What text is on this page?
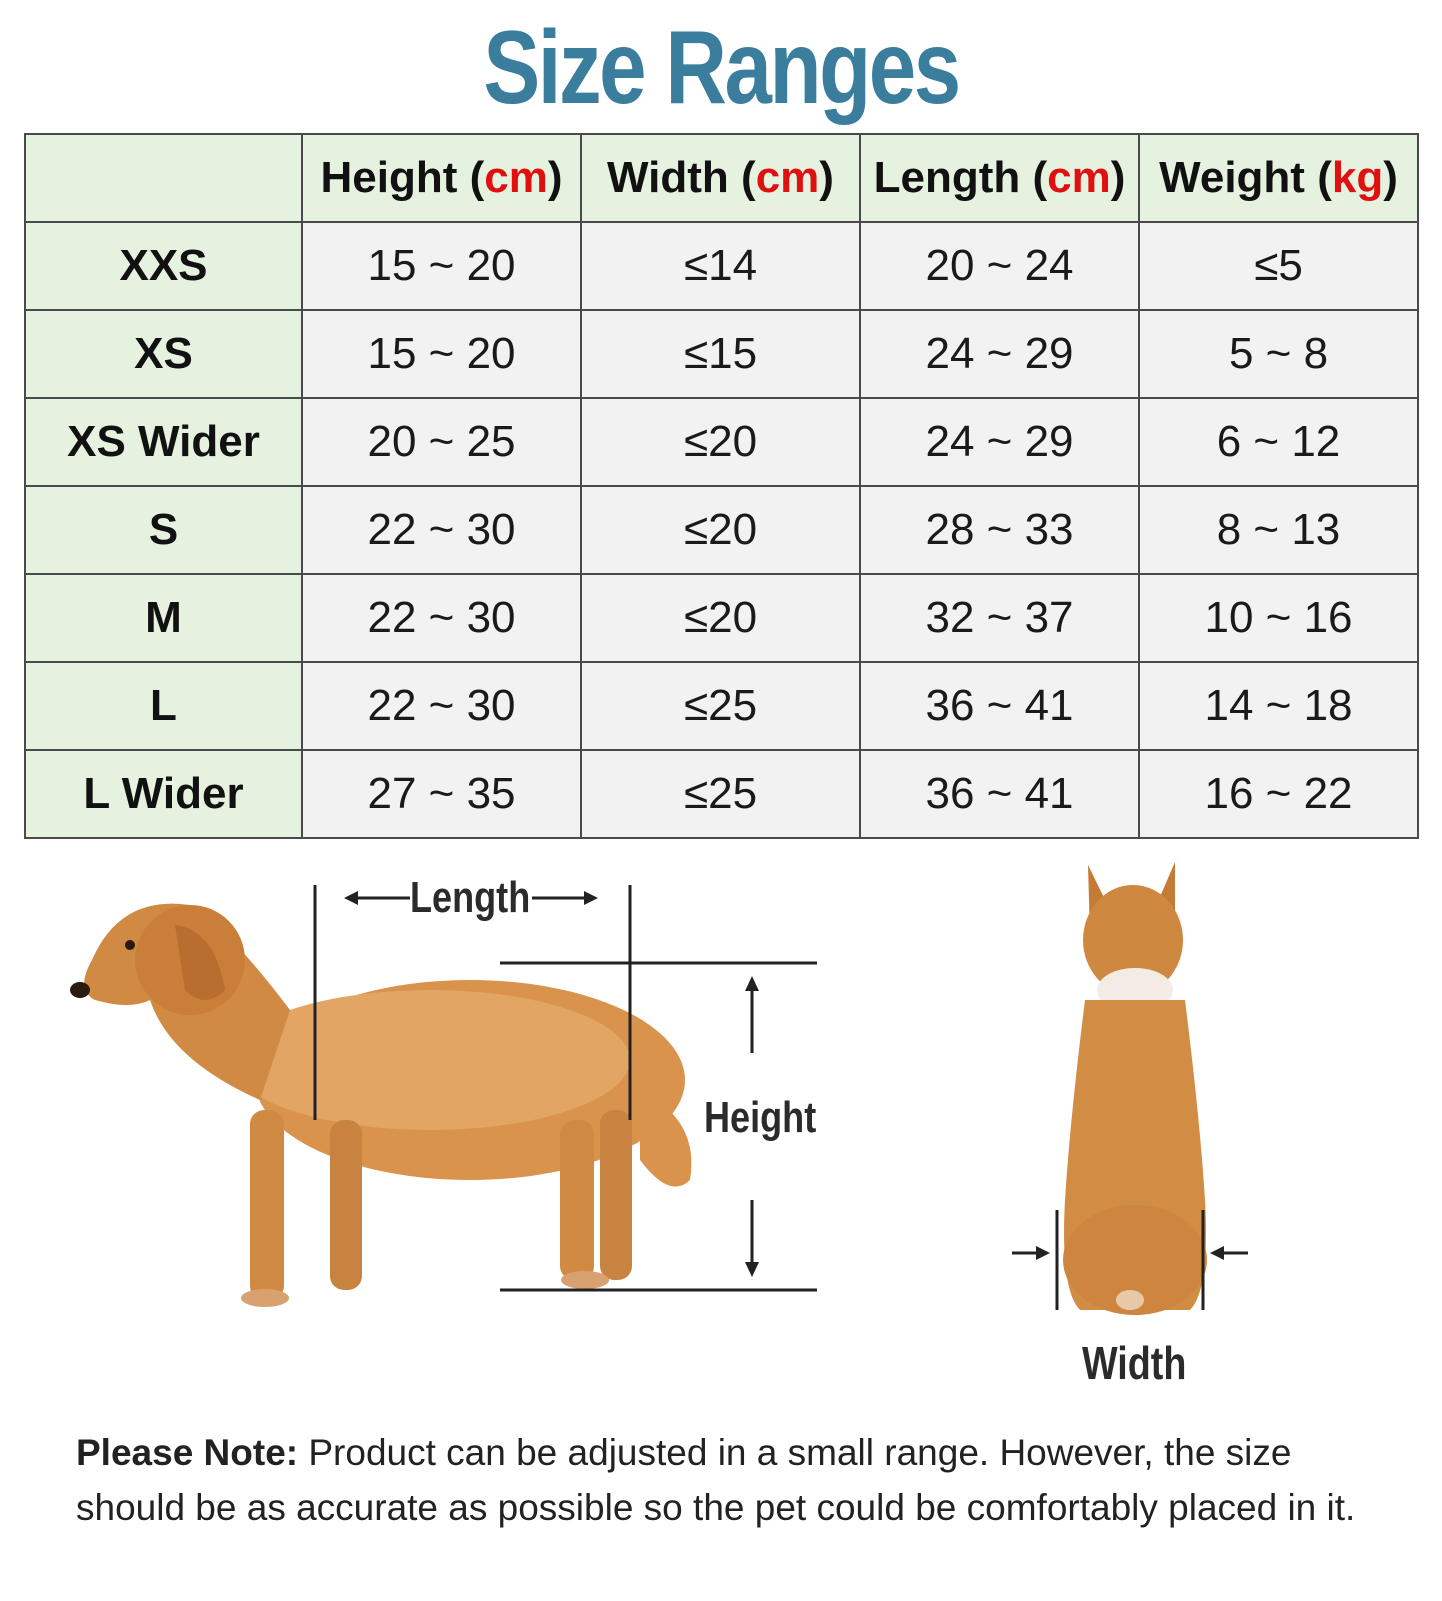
Size Ranges
	Height (cm)	Width (cm)	Length (cm)	Weight (kg)
XXS	15 ~ 20	≤14	20 ~ 24	≤5
XS	15 ~ 20	≤15	24 ~ 29	5 ~ 8
XS Wider	20 ~ 25	≤20	24 ~ 29	6 ~ 12
S	22 ~ 30	≤20	28 ~ 33	8 ~ 13
M	22 ~ 30	≤20	32 ~ 37	10 ~ 16
L	22 ~ 30	≤25	36 ~ 41	14 ~ 18
L Wider	27 ~ 35	≤25	36 ~ 41	16 ~ 22
Length
Height
Width
Please Note: Product can be adjusted in a small range. However, the size should be as accurate as possible so the pet could be comfortably placed in it.
